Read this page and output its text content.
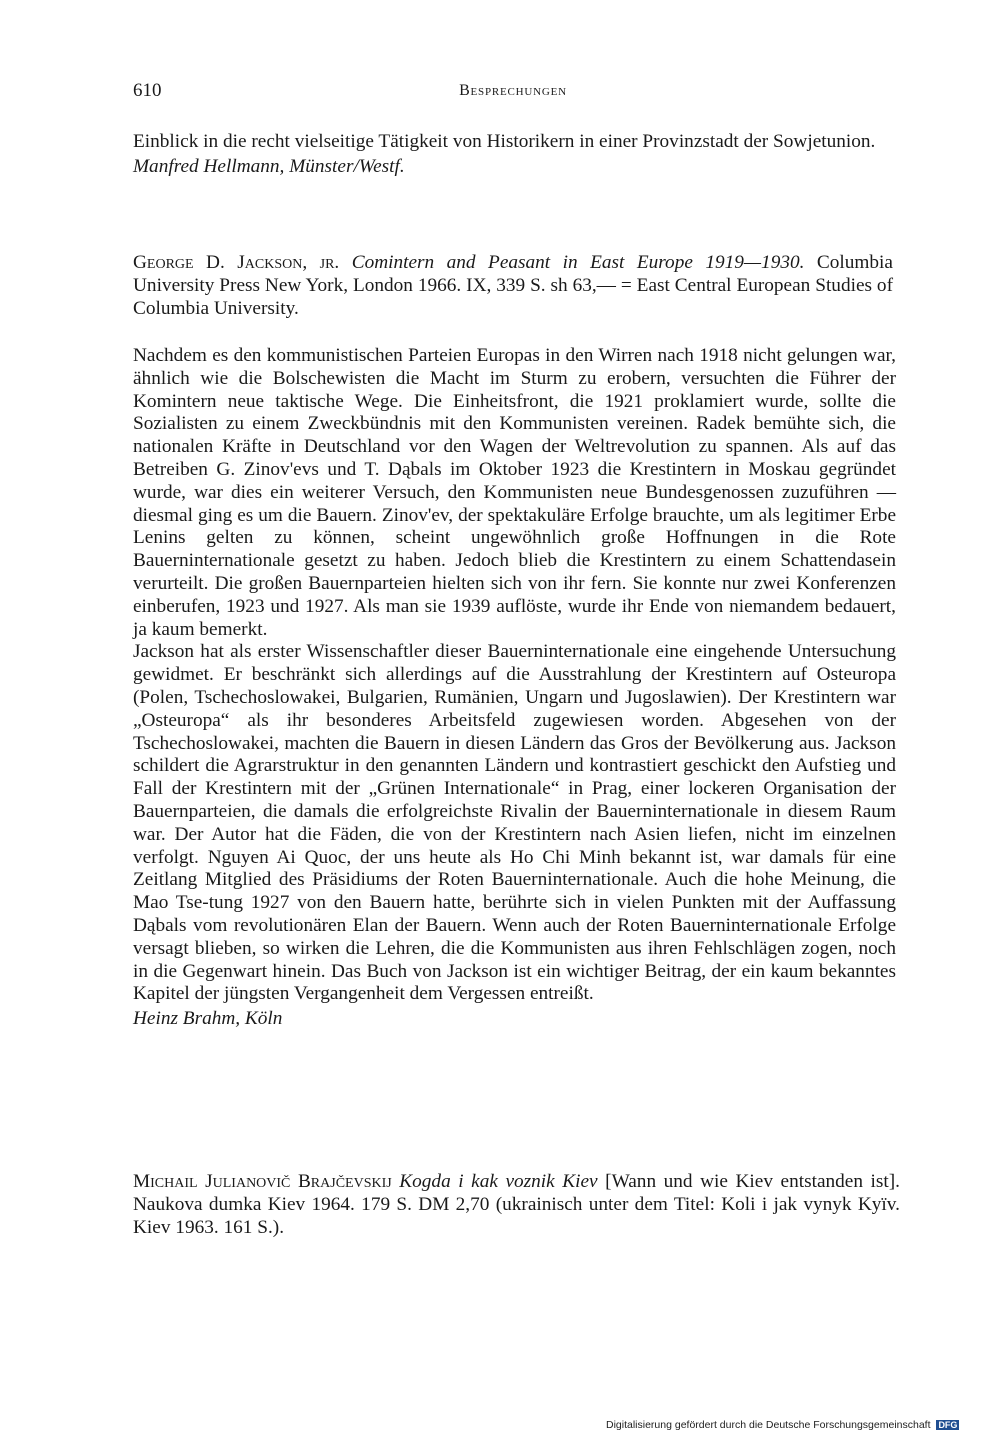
610	Besprechungen

Einblick in die recht vielseitige Tätigkeit von Historikern in einer Provinzstadt der Sowjetunion.

Manfred Hellmann, Münster/Westf.

George D. Jackson, jr. Comintern and Peasant in East Europe 1919—1930. Columbia University Press New York, London 1966. IX, 339 S. sh 63,— = East Central European Studies of Columbia University.

Nachdem es den kommunistischen Parteien Europas in den Wirren nach 1918 nicht gelungen war, ähnlich wie die Bolschewisten die Macht im Sturm zu erobern, versuchten die Führer der Komintern neue taktische Wege. Die Einheitsfront, die 1921 proklamiert wurde, sollte die Sozialisten zu einem Zweckbündnis mit den Kommunisten vereinen. Radek bemühte sich, die nationalen Kräfte in Deutschland vor den Wagen der Weltrevolution zu spannen. Als auf das Betreiben G. Zinov'evs und T. Dąbals im Oktober 1923 die Krestintern in Moskau gegründet wurde, war dies ein weiterer Versuch, den Kommunisten neue Bundesgenossen zuzuführen — diesmal ging es um die Bauern. Zinov'ev, der spektakuläre Erfolge brauchte, um als legitimer Erbe Lenins gelten zu können, scheint ungewöhnlich große Hoffnungen in die Rote Bauerninternationale gesetzt zu haben. Jedoch blieb die Krestintern zu einem Schattendasein verurteilt. Die großen Bauernparteien hielten sich von ihr fern. Sie konnte nur zwei Konferenzen einberufen, 1923 und 1927. Als man sie 1939 auflöste, wurde ihr Ende von niemandem bedauert, ja kaum bemerkt.

Jackson hat als erster Wissenschaftler dieser Bauerninternationale eine eingehende Untersuchung gewidmet. Er beschränkt sich allerdings auf die Ausstrahlung der Krestintern auf Osteuropa (Polen, Tschechoslowakei, Bulgarien, Rumänien, Ungarn und Jugoslawien). Der Krestintern war „Osteuropa“ als ihr besonderes Arbeitsfeld zugewiesen worden. Abgesehen von der Tschechoslowakei, machten die Bauern in diesen Ländern das Gros der Bevölkerung aus. Jackson schildert die Agrarstruktur in den genannten Ländern und kontrastiert geschickt den Aufstieg und Fall der Krestintern mit der „Grünen Internationale“ in Prag, einer lockeren Organisation der Bauernparteien, die damals die erfolgreichste Rivalin der Bauerninternationale in diesem Raum war. Der Autor hat die Fäden, die von der Krestintern nach Asien liefen, nicht im einzelnen verfolgt. Nguyen Ai Quoc, der uns heute als Ho Chi Minh bekannt ist, war damals für eine Zeitlang Mitglied des Präsidiums der Roten Bauerninternationale. Auch die hohe Meinung, die Mao Tse-tung 1927 von den Bauern hatte, berührte sich in vielen Punkten mit der Auffassung Dąbals vom revolutionären Elan der Bauern. Wenn auch der Roten Bauerninternationale Erfolge versagt blieben, so wirken die Lehren, die die Kommunisten aus ihren Fehlschlägen zogen, noch in die Gegenwart hinein. Das Buch von Jackson ist ein wichtiger Beitrag, der ein kaum bekanntes Kapitel der jüngsten Vergangenheit dem Vergessen entreißt.

Heinz Brahm, Köln

Michail Julianovič Brajčevskij Kogda i kak voznik Kiev [Wann und wie Kiev entstanden ist]. Naukova dumka Kiev 1964. 179 S. DM 2,70 (ukrainisch unter dem Titel: Koli i jak vynyk Kyïv. Kiev 1963. 161 S.).

Digitalisierung gefördert durch die Deutsche Forschungsgemeinschaft DFG
